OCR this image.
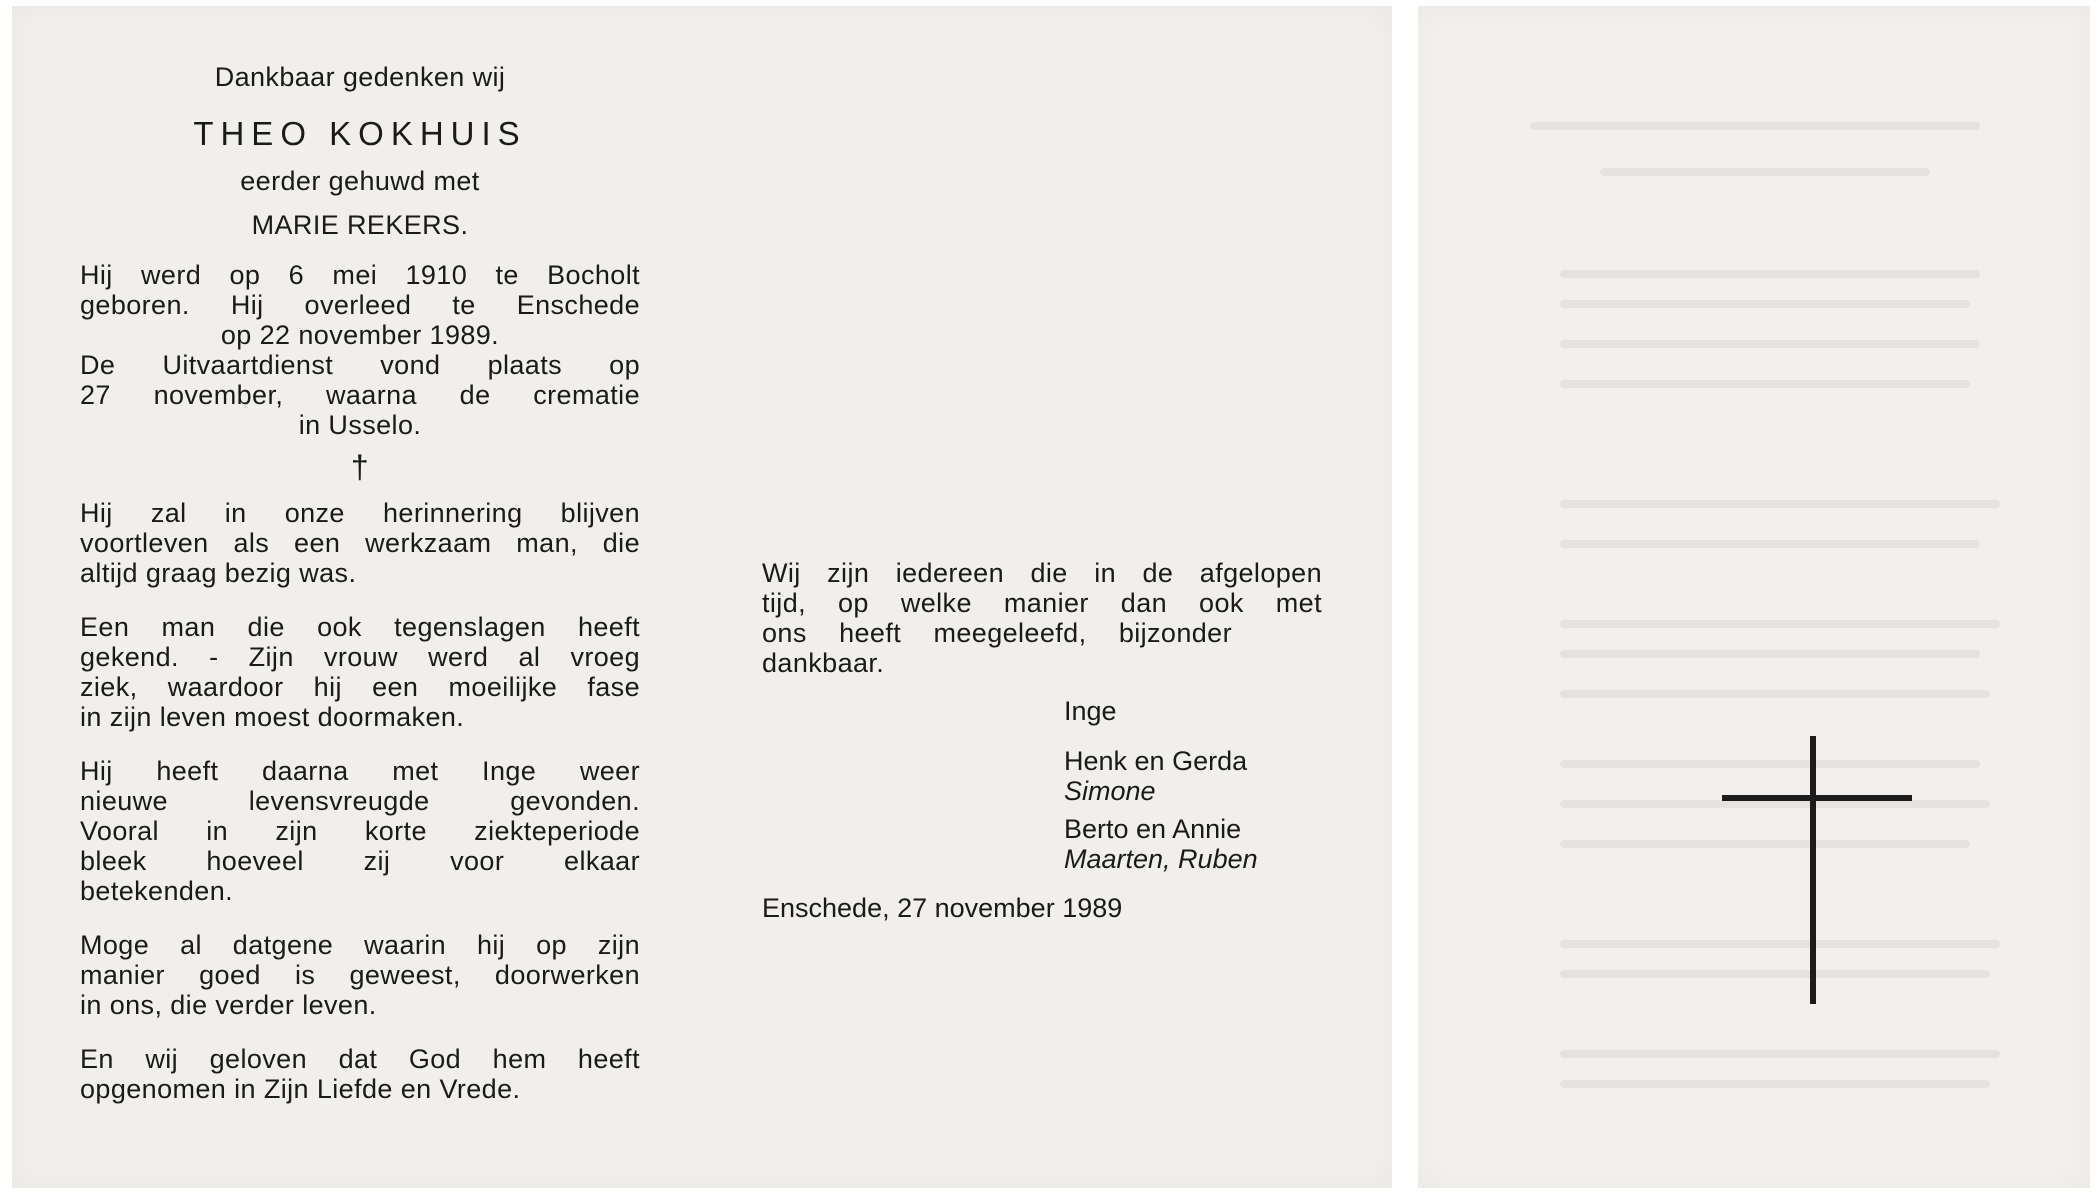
Dankbaar gedenken wij
THEO KOKHUIS
eerder gehuwd met
MARIE REKERS.
Hij werd op 6 mei 1910 te Bocholt
geboren. Hij overleed te Enschede
op 22 november 1989.
De Uitvaartdienst vond plaats op
27 november, waarna de crematie
in Usselo.
†
Hij zal in onze herinnering blijven
voortleven als een werkzaam man, die
altijd graag bezig was.
Een man die ook tegenslagen heeft
gekend. - Zijn vrouw werd al vroeg
ziek, waardoor hij een moeilijke fase
in zijn leven moest doormaken.
Hij heeft daarna met Inge weer
nieuwe levensvreugde gevonden.
Vooral in zijn korte ziekteperiode
bleek hoeveel zij voor elkaar
betekenden.
Moge al datgene waarin hij op zijn
manier goed is geweest, doorwerken
in ons, die verder leven.
En wij geloven dat God hem heeft
opgenomen in Zijn Liefde en Vrede.
Wij zijn iedereen die in de afgelopen
tijd, op welke manier dan ook met
ons heeft meegeleefd, bijzonder
dankbaar.
Inge
Henk en Gerda
Simone
Berto en Annie
Maarten, Ruben
Enschede, 27 november 1989
